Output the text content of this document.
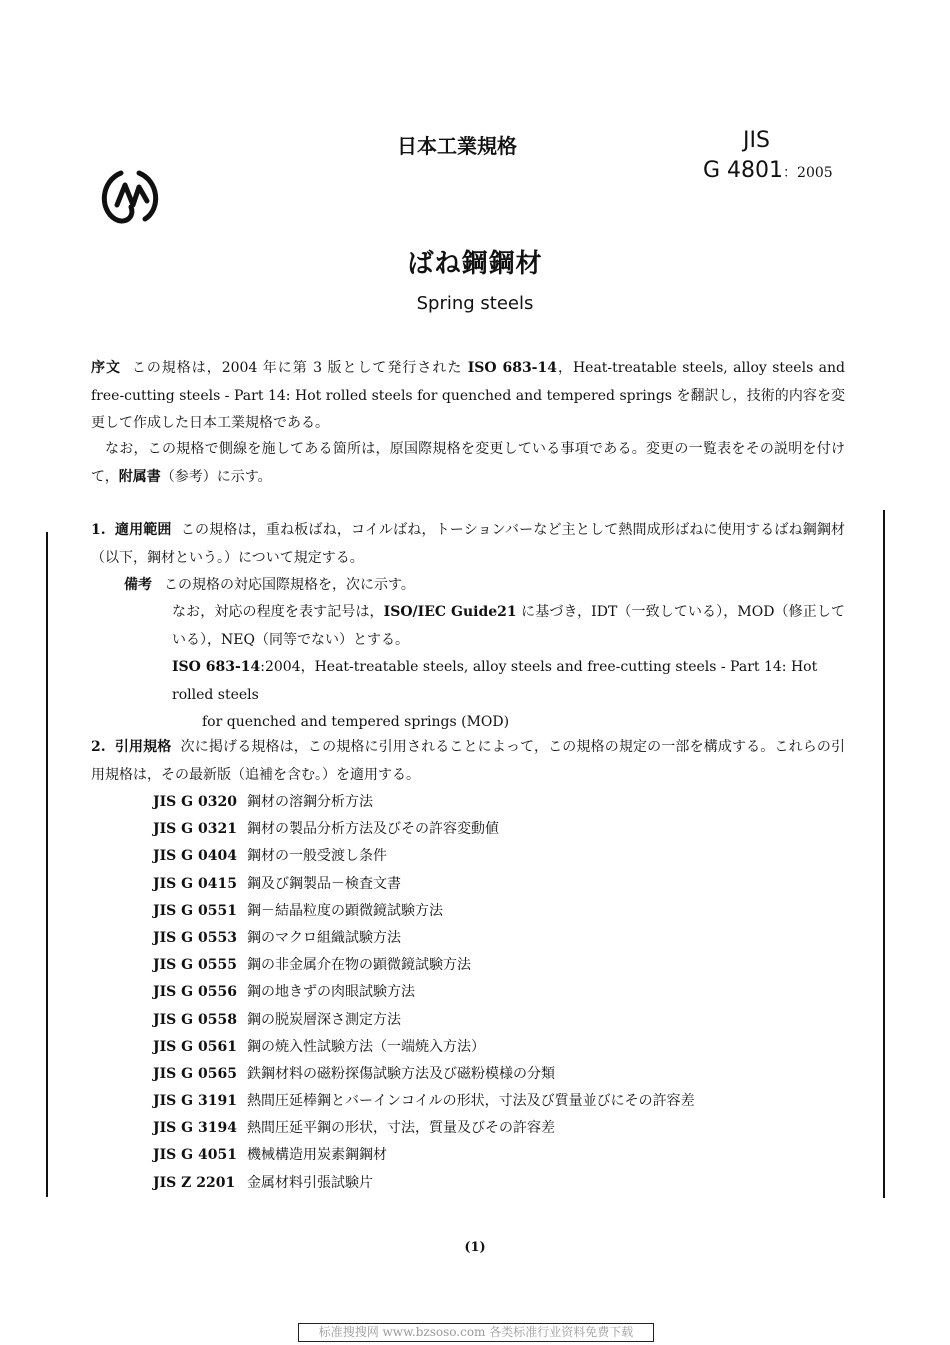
日本工業規格	JIS
G 4801：2005
ばね鋼鋼材
Spring steels
序文 この規格は，2004 年に第 3 版として発行された ISO 683-14，Heat-treatable steels, alloy steels and free-cutting steels - Part 14: Hot rolled steels for quenched and tempered springs を翻訳し，技術的内容を変更して作成した日本工業規格である。
なお，この規格で側線を施してある箇所は，原国際規格を変更している事項である。変更の一覧表をその説明を付けて，附属書（参考）に示す。
1. 適用範囲 この規格は，重ね板ばね，コイルばね，トーションバーなど主として熱間成形ばねに使用するばね鋼鋼材（以下，鋼材という。）について規定する。
備考 この規格の対応国際規格を，次に示す。
なお，対応の程度を表す記号は，ISO/IEC Guide21 に基づき，IDT（一致している），MOD（修正している），NEQ（同等でない）とする。
ISO 683-14:2004，Heat-treatable steels, alloy steels and free-cutting steels - Part 14: Hot rolled steels
for quenched and tempered springs (MOD)
2. 引用規格 次に掲げる規格は，この規格に引用されることによって，この規格の規定の一部を構成する。これらの引用規格は，その最新版（追補を含む。）を適用する。
JIS G 0320 鋼材の溶鋼分析方法
JIS G 0321 鋼材の製品分析方法及びその許容変動値
JIS G 0404 鋼材の一般受渡し条件
JIS G 0415 鋼及び鋼製品－検査文書
JIS G 0551 鋼－結晶粒度の顕微鏡試験方法
JIS G 0553 鋼のマクロ組織試験方法
JIS G 0555 鋼の非金属介在物の顕微鏡試験方法
JIS G 0556 鋼の地きずの肉眼試験方法
JIS G 0558 鋼の脱炭層深さ測定方法
JIS G 0561 鋼の焼入性試験方法（一端焼入方法）
JIS G 0565 鉄鋼材料の磁粉探傷試験方法及び磁粉模様の分類
JIS G 3191 熱間圧延棒鋼とバーインコイルの形状，寸法及び質量並びにその許容差
JIS G 3194 熱間圧延平鋼の形状，寸法，質量及びその許容差
JIS G 4051 機械構造用炭素鋼鋼材
JIS Z 2201 金属材料引張試験片
(1)
标准搜搜网 www.bzsoso.com 各类标准行业资料免费下载
